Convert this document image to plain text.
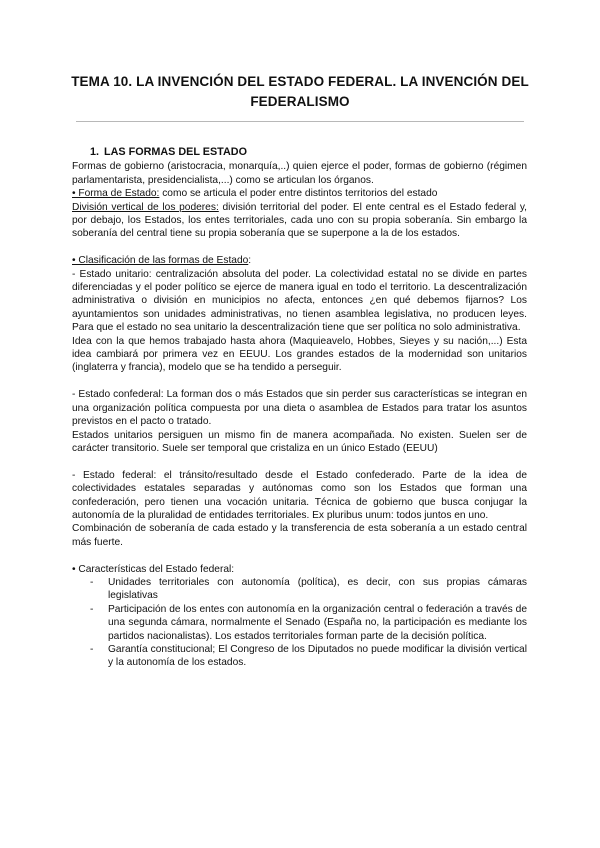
TEMA 10. LA INVENCIÓN DEL ESTADO FEDERAL. LA INVENCIÓN DEL FEDERALISMO

1. LAS FORMAS DEL ESTADO

Formas de gobierno (aristocracia, monarquía,..) quien ejerce el poder, formas de gobierno (régimen parlamentarista, presidencialista,...) como se articulan los órganos.

• Forma de Estado: como se articula el poder entre distintos territorios del estado

División vertical de los poderes: división territorial del poder. El ente central es el Estado federal y, por debajo, los Estados, los entes territoriales, cada uno con su propia soberanía. Sin embargo la soberanía del central tiene su propia soberanía que se superpone a la de los estados.

• Clasificación de las formas de Estado:

- Estado unitario: centralización absoluta del poder. La colectividad estatal no se divide en partes diferenciadas y el poder político se ejerce de manera igual en todo el territorio. La descentralización administrativa o división en municipios no afecta, entonces ¿en qué debemos fijarnos? Los ayuntamientos son unidades administrativas, no tienen asamblea legislativa, no producen leyes. Para que el estado no sea unitario la descentralización tiene que ser política no solo administrativa.

Idea con la que hemos trabajado hasta ahora (Maquieavelo, Hobbes, Sieyes y su nación,...) Esta idea cambiará por primera vez en EEUU. Los grandes estados de la modernidad son unitarios (inglaterra y francia), modelo que se ha tendido a perseguir.

- Estado confederal: La forman dos o más Estados que sin perder sus características se integran en una organización política compuesta por una dieta o asamblea de Estados para tratar los asuntos previstos en el pacto o tratado.

Estados unitarios persiguen un mismo fin de manera acompañada. No existen. Suelen ser de carácter transitorio. Suele ser temporal que cristaliza en un único Estado (EEUU)

- Estado federal: el tránsito/resultado desde el Estado confederado. Parte de la idea de colectividades estatales separadas y autónomas como son los Estados que forman una confederación, pero tienen una vocación unitaria. Técnica de gobierno que busca conjugar la autonomía de la pluralidad de entidades territoriales. Ex pluribus unum: todos juntos en uno.

Combinación de soberanía de cada estado y la transferencia de esta soberanía a un estado central más fuerte.

• Características del Estado federal:

- Unidades territoriales con autonomía (política), es decir, con sus propias cámaras legislativas
- Participación de los entes con autonomía en la organización central o federación a través de una segunda cámara, normalmente el Senado (España no, la participación es mediante los partidos nacionalistas). Los estados territoriales forman parte de la decisión política.
- Garantía constitucional; El Congreso de los Diputados no puede modificar la división vertical y la autonomía de los estados.
